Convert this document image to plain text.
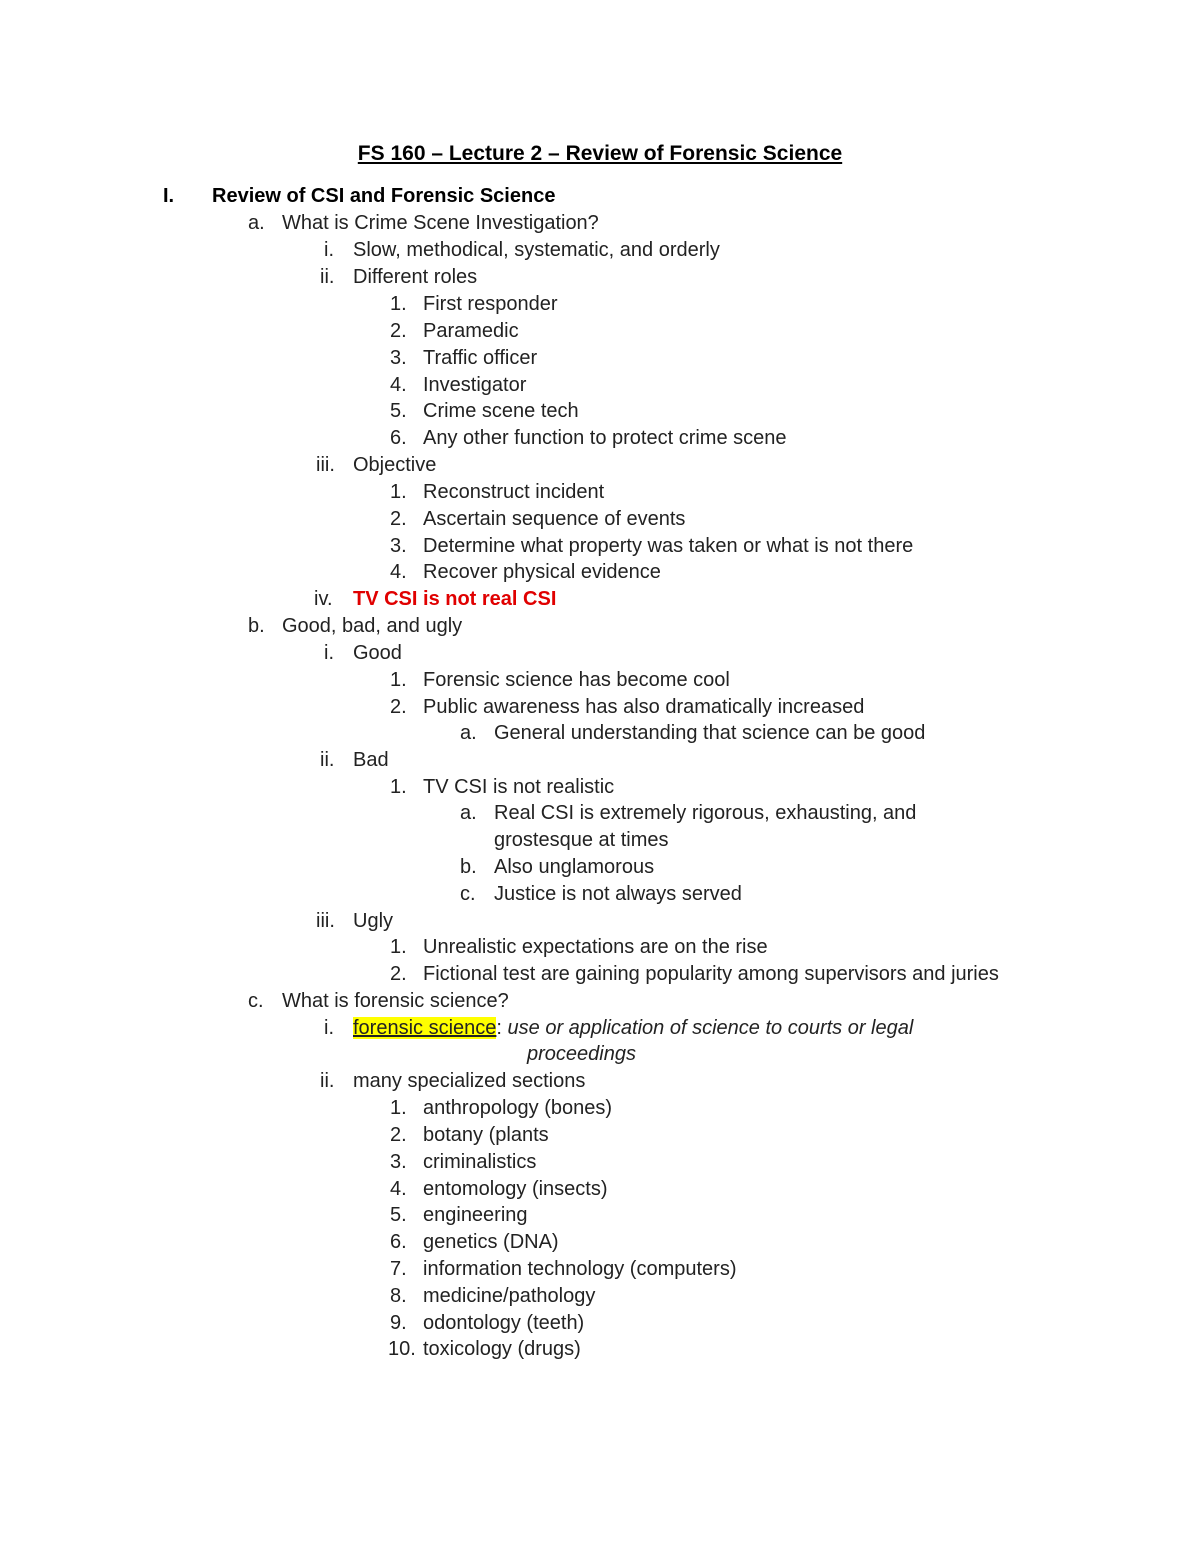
FS 160 – Lecture 2 – Review of Forensic Science
I. Review of CSI and Forensic Science
a. What is Crime Scene Investigation?
i. Slow, methodical, systematic, and orderly
ii. Different roles
1. First responder
2. Paramedic
3. Traffic officer
4. Investigator
5. Crime scene tech
6. Any other function to protect crime scene
iii. Objective
1. Reconstruct incident
2. Ascertain sequence of events
3. Determine what property was taken or what is not there
4. Recover physical evidence
iv. TV CSI is not real CSI
b. Good, bad, and ugly
i. Good
1. Forensic science has become cool
2. Public awareness has also dramatically increased
a. General understanding that science can be good
ii. Bad
1. TV CSI is not realistic
a. Real CSI is extremely rigorous, exhausting, and
grostesque at times
b. Also unglamorous
c. Justice is not always served
iii. Ugly
1. Unrealistic expectations are on the rise
2. Fictional test are gaining popularity among supervisors and juries
c. What is forensic science?
i. forensic science: use or application of science to courts or legal
proceedings
ii. many specialized sections
1. anthropology (bones)
2. botany (plants
3. criminalistics
4. entomology (insects)
5. engineering
6. genetics (DNA)
7. information technology (computers)
8. medicine/pathology
9. odontology (teeth)
10. toxicology (drugs)
